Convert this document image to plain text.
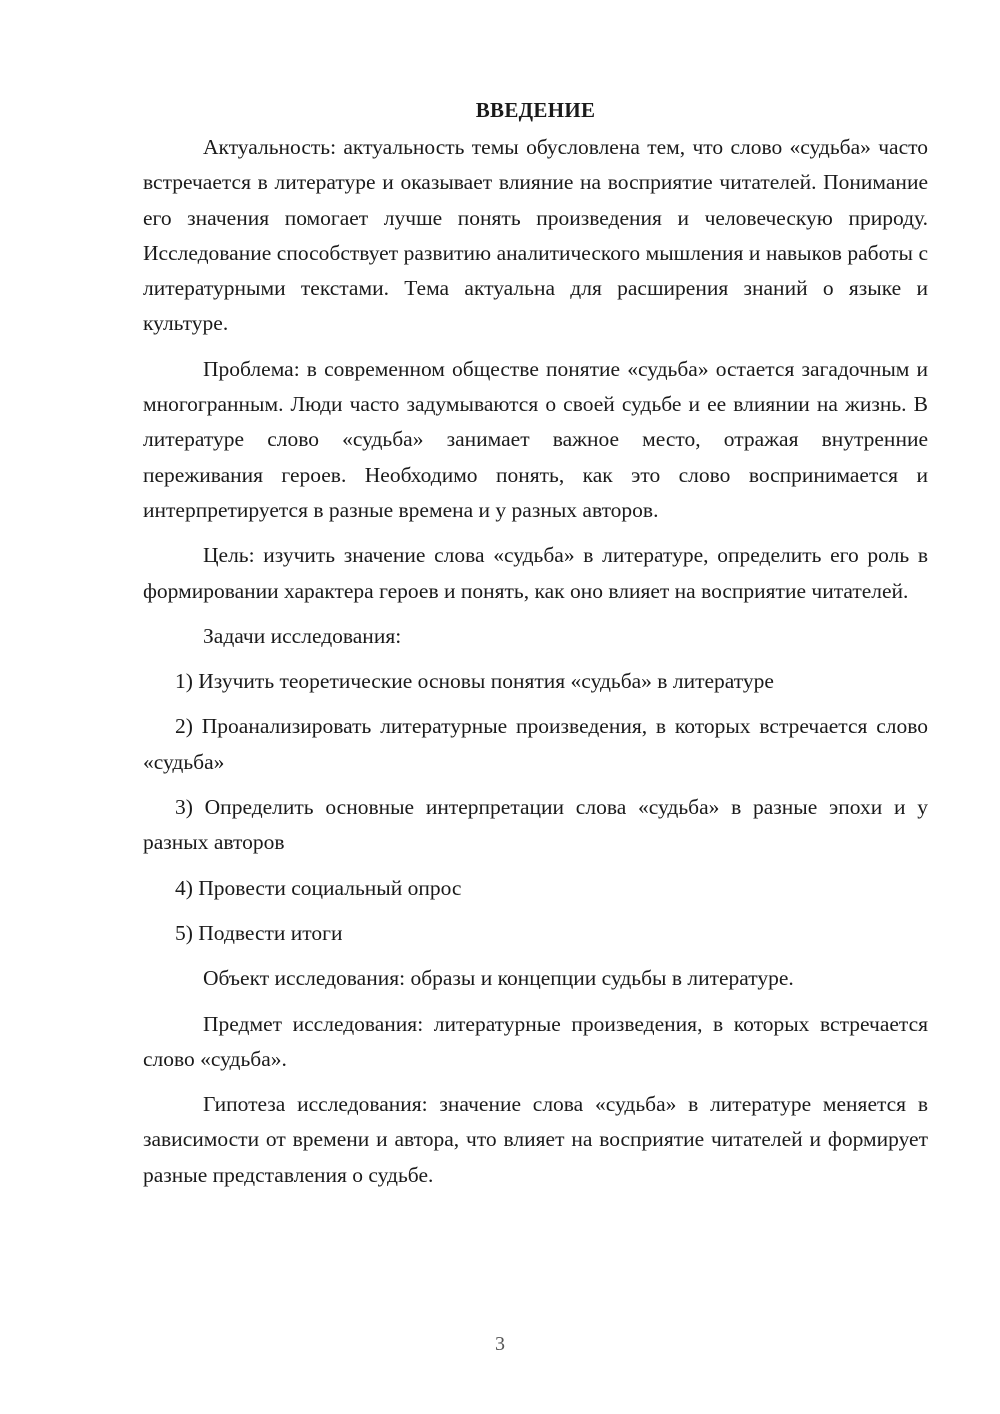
ВВЕДЕНИЕ

Актуальность: актуальность темы обусловлена тем, что слово «судьба» часто встречается в литературе и оказывает влияние на восприятие читателей. Понимание его значения помогает лучше понять произведения и человеческую природу. Исследование способствует развитию аналитического мышления и навыков работы с литературными текстами. Тема актуальна для расширения знаний о языке и культуре.

Проблема: в современном обществе понятие «судьба» остается загадочным и многогранным. Люди часто задумываются о своей судьбе и ее влиянии на жизнь. В литературе слово «судьба» занимает важное место, отражая внутренние переживания героев. Необходимо понять, как это слово воспринимается и интерпретируется в разные времена и у разных авторов.

Цель: изучить значение слова «судьба» в литературе, определить его роль в формировании характера героев и понять, как оно влияет на восприятие читателей.

Задачи исследования:

1) Изучить теоретические основы понятия «судьба» в литературе

2) Проанализировать литературные произведения, в которых встречается слово «судьба»

3) Определить основные интерпретации слова «судьба» в разные эпохи и у разных авторов

4) Провести социальный опрос

5) Подвести итоги

Объект исследования: образы и концепции судьбы в литературе.

Предмет исследования: литературные произведения, в которых встречается слово «судьба».

Гипотеза исследования: значение слова «судьба» в литературе меняется в зависимости от времени и автора, что влияет на восприятие читателей и формирует разные представления о судьбе.

3
